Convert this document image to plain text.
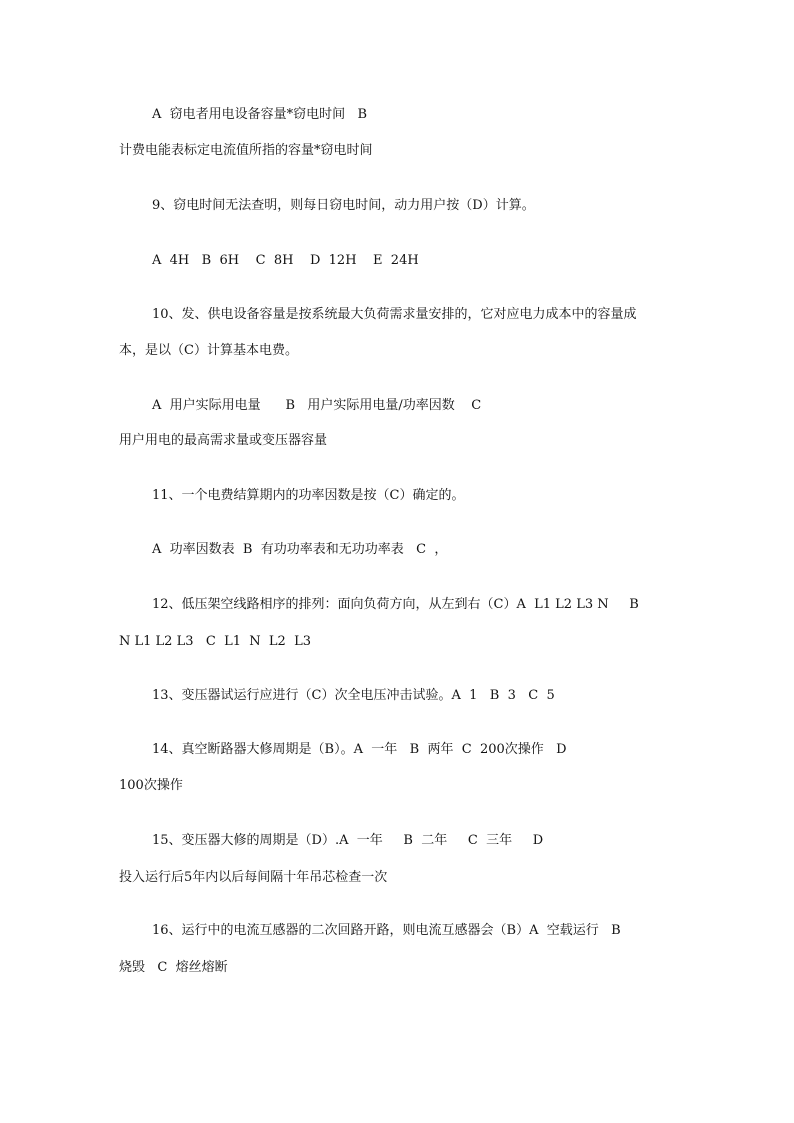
A  窃电者用电设备容量*窃电时间   B
计费电能表标定电流值所指的容量*窃电时间
9、窃电时间无法查明，则每日窃电时间，动力用户按（D）计算。
A  4H   B  6H    C  8H    D  12H    E  24H
10、发、供电设备容量是按系统最大负荷需求量安排的，它对应电力成本中的容量成
本，是以（C）计算基本电费。
A  用户实际用电量      B   用户实际用电量/功率因数    C
用户用电的最高需求量或变压器容量
11、一个电费结算期内的功率因数是按（C）确定的。
A  功率因数表  B  有功功率表和无功功率表   C  ，
12、低压架空线路相序的排列：面向负荷方向，从左到右（C）A  L1 L2 L3 N     B
N L1 L2 L3   C  L1  N  L2  L3
13、变压器试运行应进行（C）次全电压冲击试验。A  1   B  3   C  5
14、真空断路器大修周期是（B）。A  一年   B  两年  C  200次操作   D
100次操作
15、变压器大修的周期是（D）.A  一年     B  二年     C  三年     D
投入运行后5年内以后每间隔十年吊芯检查一次
16、运行中的电流互感器的二次回路开路，则电流互感器会（B）A  空载运行   B
烧毁   C  熔丝熔断
